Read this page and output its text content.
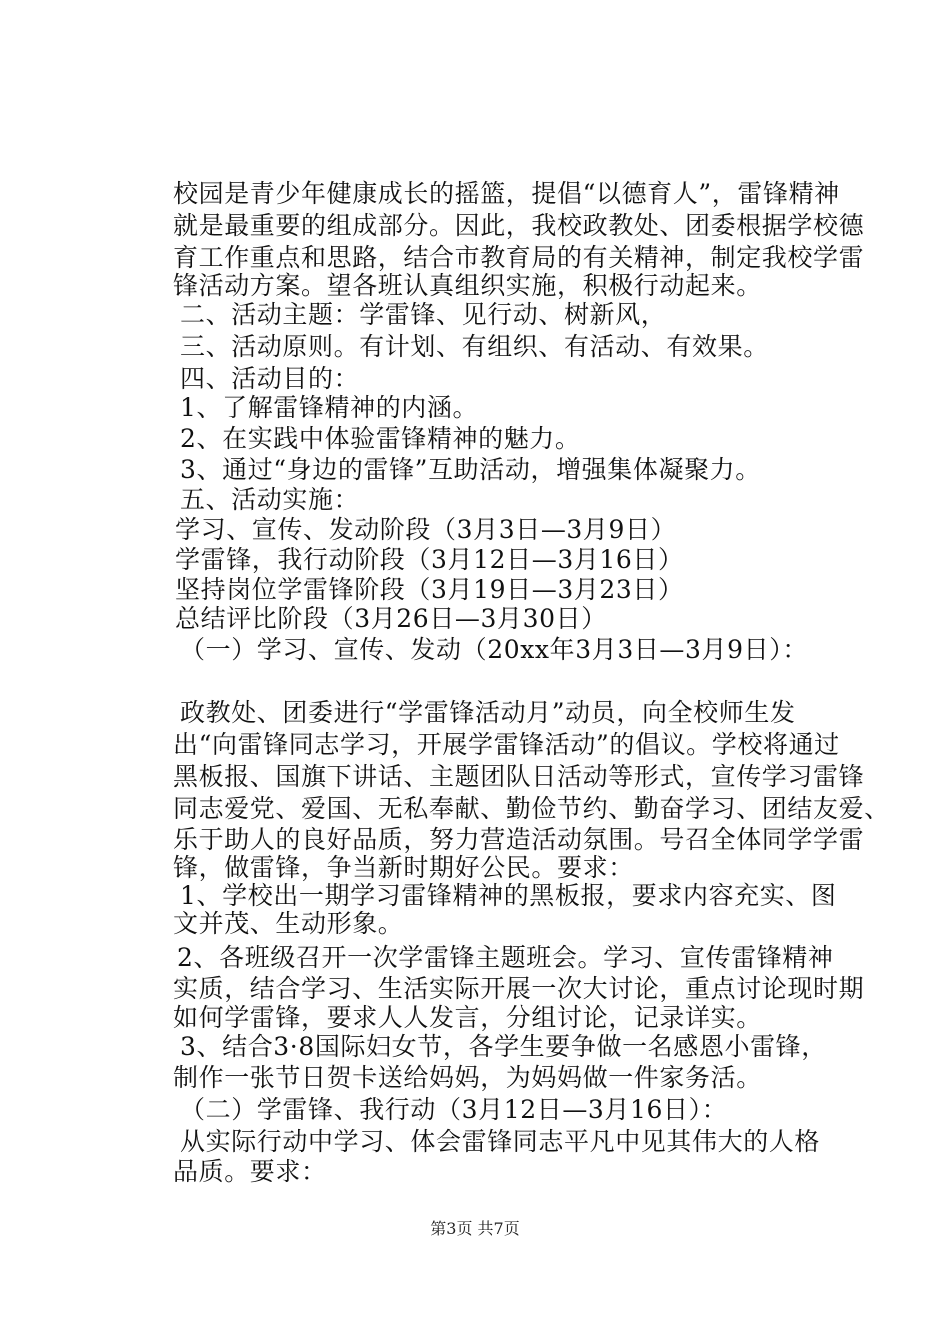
校园是青少年健康成长的摇篮，提倡“以德育人”，雷锋精神
就是最重要的组成部分。因此，我校政教处、团委根据学校德
育工作重点和思路，结合市教育局的有关精神，制定我校学雷
锋活动方案。望各班认真组织实施，积极行动起来。
二、活动主题：学雷锋、见行动、树新风，
三、活动原则。有计划、有组织、有活动、有效果。
四、活动目的：
1、了解雷锋精神的内涵。
2、在实践中体验雷锋精神的魅力。
3、通过“身边的雷锋”互助活动，增强集体凝聚力。
五、活动实施：
学习、宣传、发动阶段（3月3日—3月9日）
学雷锋，我行动阶段（3月12日—3月16日）
坚持岗位学雷锋阶段（3月19日—3月23日）
总结评比阶段（3月26日—3月30日）
（一）学习、宣传、发动（20xx年3月3日—3月9日）：
政教处、团委进行“学雷锋活动月”动员，向全校师生发
出“向雷锋同志学习，开展学雷锋活动”的倡议。学校将通过
黑板报、国旗下讲话、主题团队日活动等形式，宣传学习雷锋
同志爱党、爱国、无私奉献、勤俭节约、勤奋学习、团结友爱、
乐于助人的良好品质，努力营造活动氛围。号召全体同学学雷
锋，做雷锋，争当新时期好公民。要求：
1、学校出一期学习雷锋精神的黑板报，要求内容充实、图
文并茂、生动形象。
2、各班级召开一次学雷锋主题班会。学习、宣传雷锋精神
实质，结合学习、生活实际开展一次大讨论，重点讨论现时期
如何学雷锋，要求人人发言，分组讨论，记录详实。
3、结合3·8国际妇女节，各学生要争做一名感恩小雷锋，
制作一张节日贺卡送给妈妈，为妈妈做一件家务活。
（二）学雷锋、我行动（3月12日—3月16日）：
从实际行动中学习、体会雷锋同志平凡中见其伟大的人格
品质。要求：
第3页 共7页
